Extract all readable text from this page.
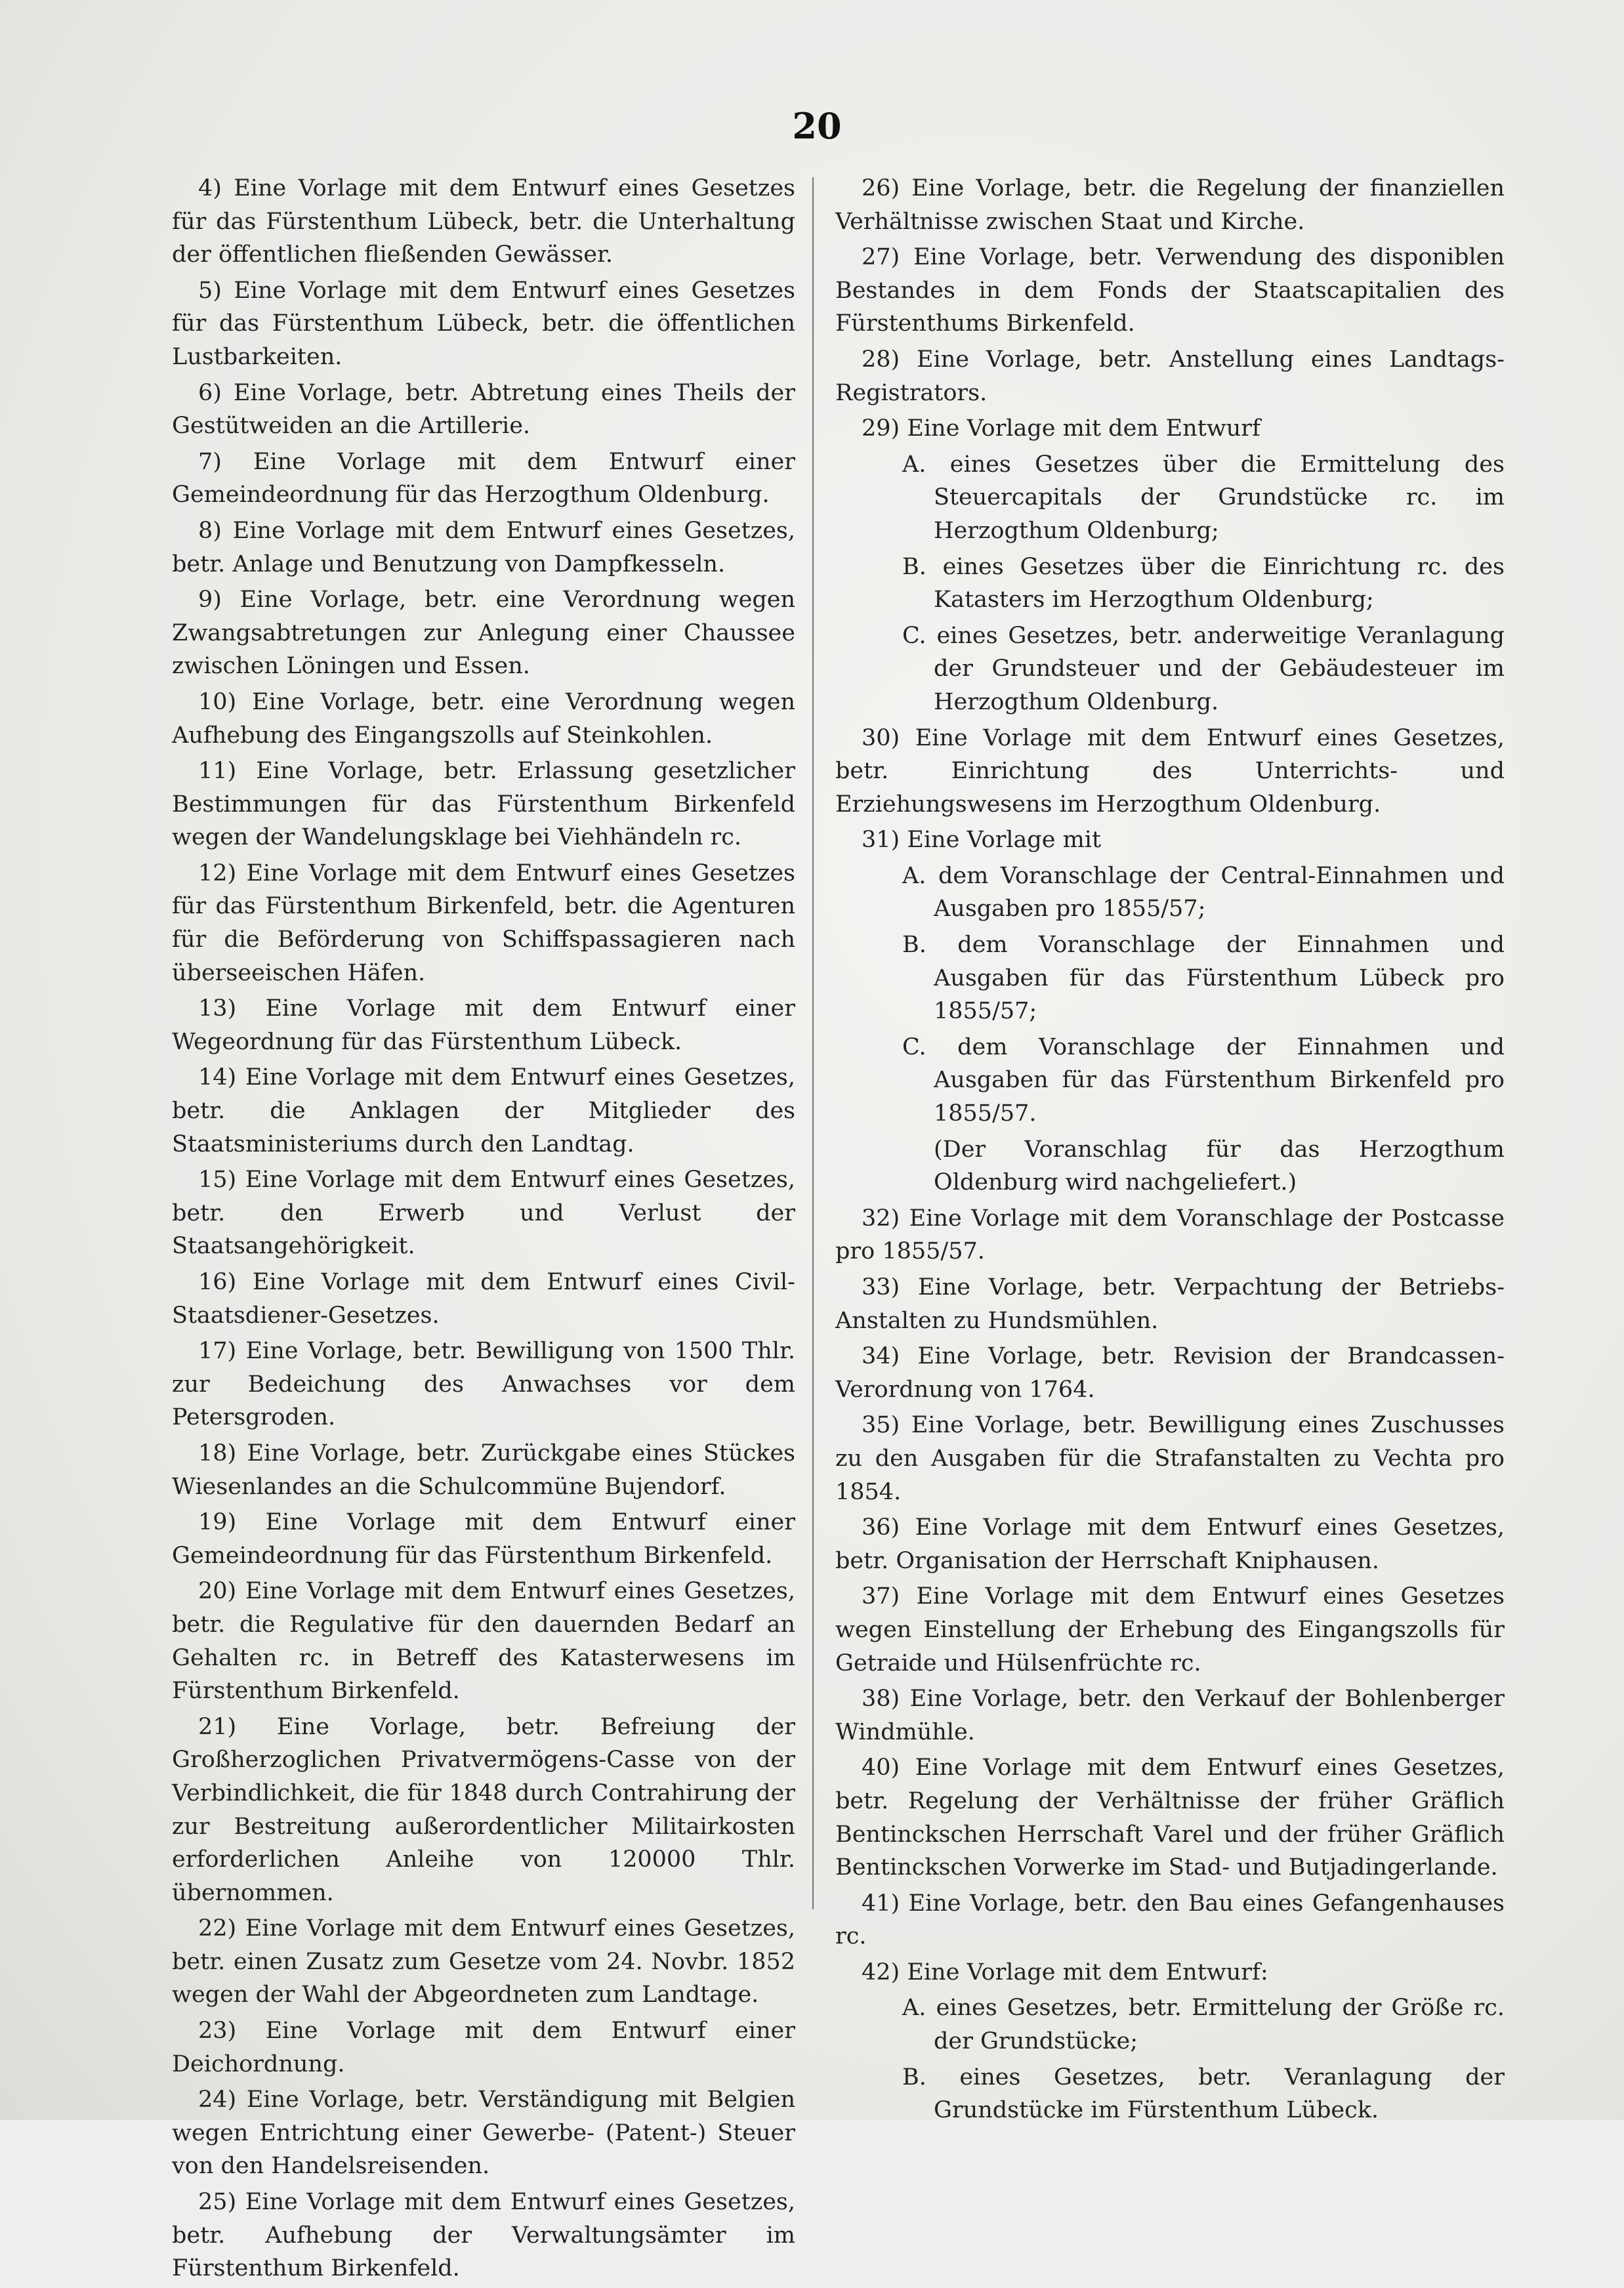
20

4) Eine Vorlage mit dem Entwurf eines Gesetzes für das Fürstenthum Lübeck, betr. die Unterhaltung der öffentlichen fließenden Gewässer.

5) Eine Vorlage mit dem Entwurf eines Gesetzes für das Fürstenthum Lübeck, betr. die öffentlichen Lustbarkeiten.

6) Eine Vorlage, betr. Abtretung eines Theils der Gestütweiden an die Artillerie.

7) Eine Vorlage mit dem Entwurf einer Gemeindeordnung für das Herzogthum Oldenburg.

8) Eine Vorlage mit dem Entwurf eines Gesetzes, betr. Anlage und Benutzung von Dampfkesseln.

9) Eine Vorlage, betr. eine Verordnung wegen Zwangsabtretungen zur Anlegung einer Chaussee zwischen Löningen und Essen.

10) Eine Vorlage, betr. eine Verordnung wegen Aufhebung des Eingangszolls auf Steinkohlen.

11) Eine Vorlage, betr. Erlassung gesetzlicher Bestimmungen für das Fürstenthum Birkenfeld wegen der Wandelungsklage bei Viehhändeln rc.

12) Eine Vorlage mit dem Entwurf eines Gesetzes für das Fürstenthum Birkenfeld, betr. die Agenturen für die Beförderung von Schiffspassagieren nach überseeischen Häfen.

13) Eine Vorlage mit dem Entwurf einer Wegeordnung für das Fürstenthum Lübeck.

14) Eine Vorlage mit dem Entwurf eines Gesetzes, betr. die Anklagen der Mitglieder des Staatsministeriums durch den Landtag.

15) Eine Vorlage mit dem Entwurf eines Gesetzes, betr. den Erwerb und Verlust der Staatsangehörigkeit.

16) Eine Vorlage mit dem Entwurf eines Civil-Staatsdiener-Gesetzes.

17) Eine Vorlage, betr. Bewilligung von 1500 Thlr. zur Bedeichung des Anwachses vor dem Petersgroden.

18) Eine Vorlage, betr. Zurückgabe eines Stückes Wiesenlandes an die Schulcommüne Bujendorf.

19) Eine Vorlage mit dem Entwurf einer Gemeindeordnung für das Fürstenthum Birkenfeld.

20) Eine Vorlage mit dem Entwurf eines Gesetzes, betr. die Regulative für den dauernden Bedarf an Gehalten rc. in Betreff des Katasterwesens im Fürstenthum Birkenfeld.

21) Eine Vorlage, betr. Befreiung der Großherzoglichen Privatvermögens-Casse von der Verbindlichkeit, die für 1848 durch Contrahirung der zur Bestreitung außerordentlicher Militairkosten erforderlichen Anleihe von 120000 Thlr. übernommen.

22) Eine Vorlage mit dem Entwurf eines Gesetzes, betr. einen Zusatz zum Gesetze vom 24. Novbr. 1852 wegen der Wahl der Abgeordneten zum Landtage.

23) Eine Vorlage mit dem Entwurf einer Deichordnung.

24) Eine Vorlage, betr. Verständigung mit Belgien wegen Entrichtung einer Gewerbe- (Patent-) Steuer von den Handelsreisenden.

25) Eine Vorlage mit dem Entwurf eines Gesetzes, betr. Aufhebung der Verwaltungsämter im Fürstenthum Birkenfeld.

26) Eine Vorlage, betr. die Regelung der finanziellen Verhältnisse zwischen Staat und Kirche.

27) Eine Vorlage, betr. Verwendung des disponiblen Bestandes in dem Fonds der Staatscapitalien des Fürstenthums Birkenfeld.

28) Eine Vorlage, betr. Anstellung eines Landtags-Registrators.

29) Eine Vorlage mit dem Entwurf

A. eines Gesetzes über die Ermittelung des Steuercapitals der Grundstücke rc. im Herzogthum Oldenburg;

B. eines Gesetzes über die Einrichtung rc. des Katasters im Herzogthum Oldenburg;

C. eines Gesetzes, betr. anderweitige Veranlagung der Grundsteuer und der Gebäudesteuer im Herzogthum Oldenburg.

30) Eine Vorlage mit dem Entwurf eines Gesetzes, betr. Einrichtung des Unterrichts- und Erziehungswesens im Herzogthum Oldenburg.

31) Eine Vorlage mit

A. dem Voranschlage der Central-Einnahmen und Ausgaben pro 1855/57;

B. dem Voranschlage der Einnahmen und Ausgaben für das Fürstenthum Lübeck pro 1855/57;

C. dem Voranschlage der Einnahmen und Ausgaben für das Fürstenthum Birkenfeld pro 1855/57.

(Der Voranschlag für das Herzogthum Oldenburg wird nachgeliefert.)

32) Eine Vorlage mit dem Voranschlage der Postcasse pro 1855/57.

33) Eine Vorlage, betr. Verpachtung der Betriebs-Anstalten zu Hundsmühlen.

34) Eine Vorlage, betr. Revision der Brandcassen-Verordnung von 1764.

35) Eine Vorlage, betr. Bewilligung eines Zuschusses zu den Ausgaben für die Strafanstalten zu Vechta pro 1854.

36) Eine Vorlage mit dem Entwurf eines Gesetzes, betr. Organisation der Herrschaft Kniphausen.

37) Eine Vorlage mit dem Entwurf eines Gesetzes wegen Einstellung der Erhebung des Eingangszolls für Getraide und Hülsenfrüchte rc.

38) Eine Vorlage, betr. den Verkauf der Bohlenberger Windmühle.

40) Eine Vorlage mit dem Entwurf eines Gesetzes, betr. Regelung der Verhältnisse der früher Gräflich Bentinckschen Herrschaft Varel und der früher Gräflich Bentinckschen Vorwerke im Stad- und Butjadingerlande.

41) Eine Vorlage, betr. den Bau eines Gefangenhauses rc.

42) Eine Vorlage mit dem Entwurf:

A. eines Gesetzes, betr. Ermittelung der Größe rc. der Grundstücke;

B. eines Gesetzes, betr. Veranlagung der Grundstücke im Fürstenthum Lübeck.
